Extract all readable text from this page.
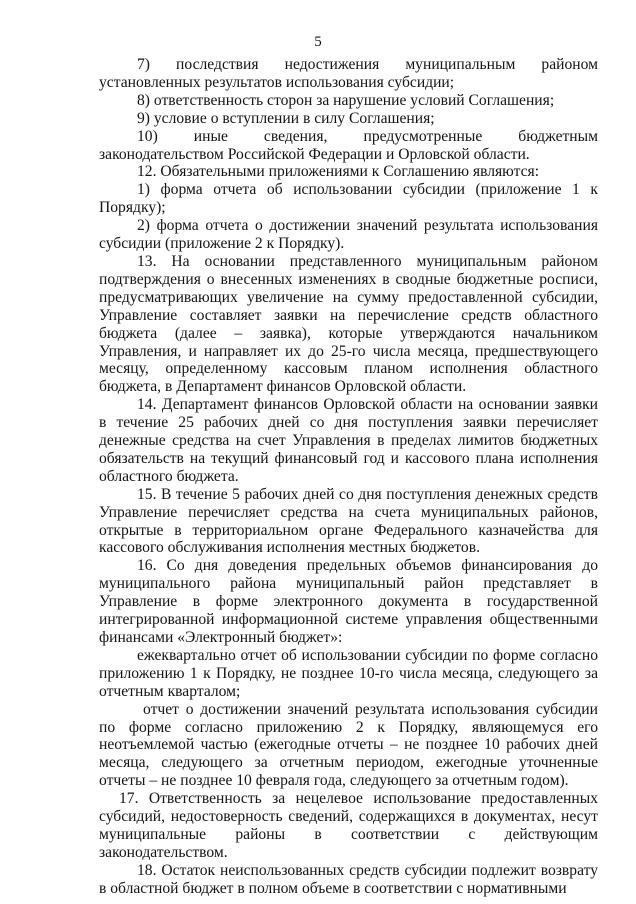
5

7) последствия недостижения муниципальным районом установленных результатов использования субсидии;

8) ответственность сторон за нарушение условий Соглашения;

9) условие о вступлении в силу Соглашения;

10) иные сведения, предусмотренные бюджетным законодательством Российской Федерации и Орловской области.

12. Обязательными приложениями к Соглашению являются:

1) форма отчета об использовании субсидии (приложение 1 к Порядку);

2) форма отчета о достижении значений результата использования субсидии (приложение 2 к Порядку).

13. На основании представленного муниципальным районом подтверждения о внесенных изменениях в сводные бюджетные росписи, предусматривающих увеличение на сумму предоставленной субсидии, Управление составляет заявки на перечисление средств областного бюджета (далее – заявка), которые утверждаются начальником Управления, и направляет их до 25-го числа месяца, предшествующего месяцу, определенному кассовым планом исполнения областного бюджета, в Департамент финансов Орловской области.

14. Департамент финансов Орловской области на основании заявки в течение 25 рабочих дней со дня поступления заявки перечисляет денежные средства на счет Управления в пределах лимитов бюджетных обязательств на текущий финансовый год и кассового плана исполнения областного бюджета.

15. В течение 5 рабочих дней со дня поступления денежных средств Управление перечисляет средства на счета муниципальных районов, открытые в территориальном органе Федерального казначейства для кассового обслуживания исполнения местных бюджетов.

16. Со дня доведения предельных объемов финансирования до муниципального района муниципальный район представляет в Управление в форме электронного документа в государственной интегрированной информационной системе управления общественными финансами «Электронный бюджет»:

ежеквартально отчет об использовании субсидии по форме согласно приложению 1 к Порядку, не позднее 10-го числа месяца, следующего за отчетным кварталом;

отчет о достижении значений результата использования субсидии по форме согласно приложению 2 к Порядку, являющемуся его неотъемлемой частью (ежегодные отчеты – не позднее 10 рабочих дней месяца, следующего за отчетным периодом, ежегодные уточненные отчеты – не позднее 10 февраля года, следующего за отчетным годом).

17. Ответственность за нецелевое использование предоставленных субсидий, недостоверность сведений, содержащихся в документах, несут муниципальные районы в соответствии с действующим законодательством.

18. Остаток неиспользованных средств субсидии подлежит возврату в областной бюджет в полном объеме в соответствии с нормативными
